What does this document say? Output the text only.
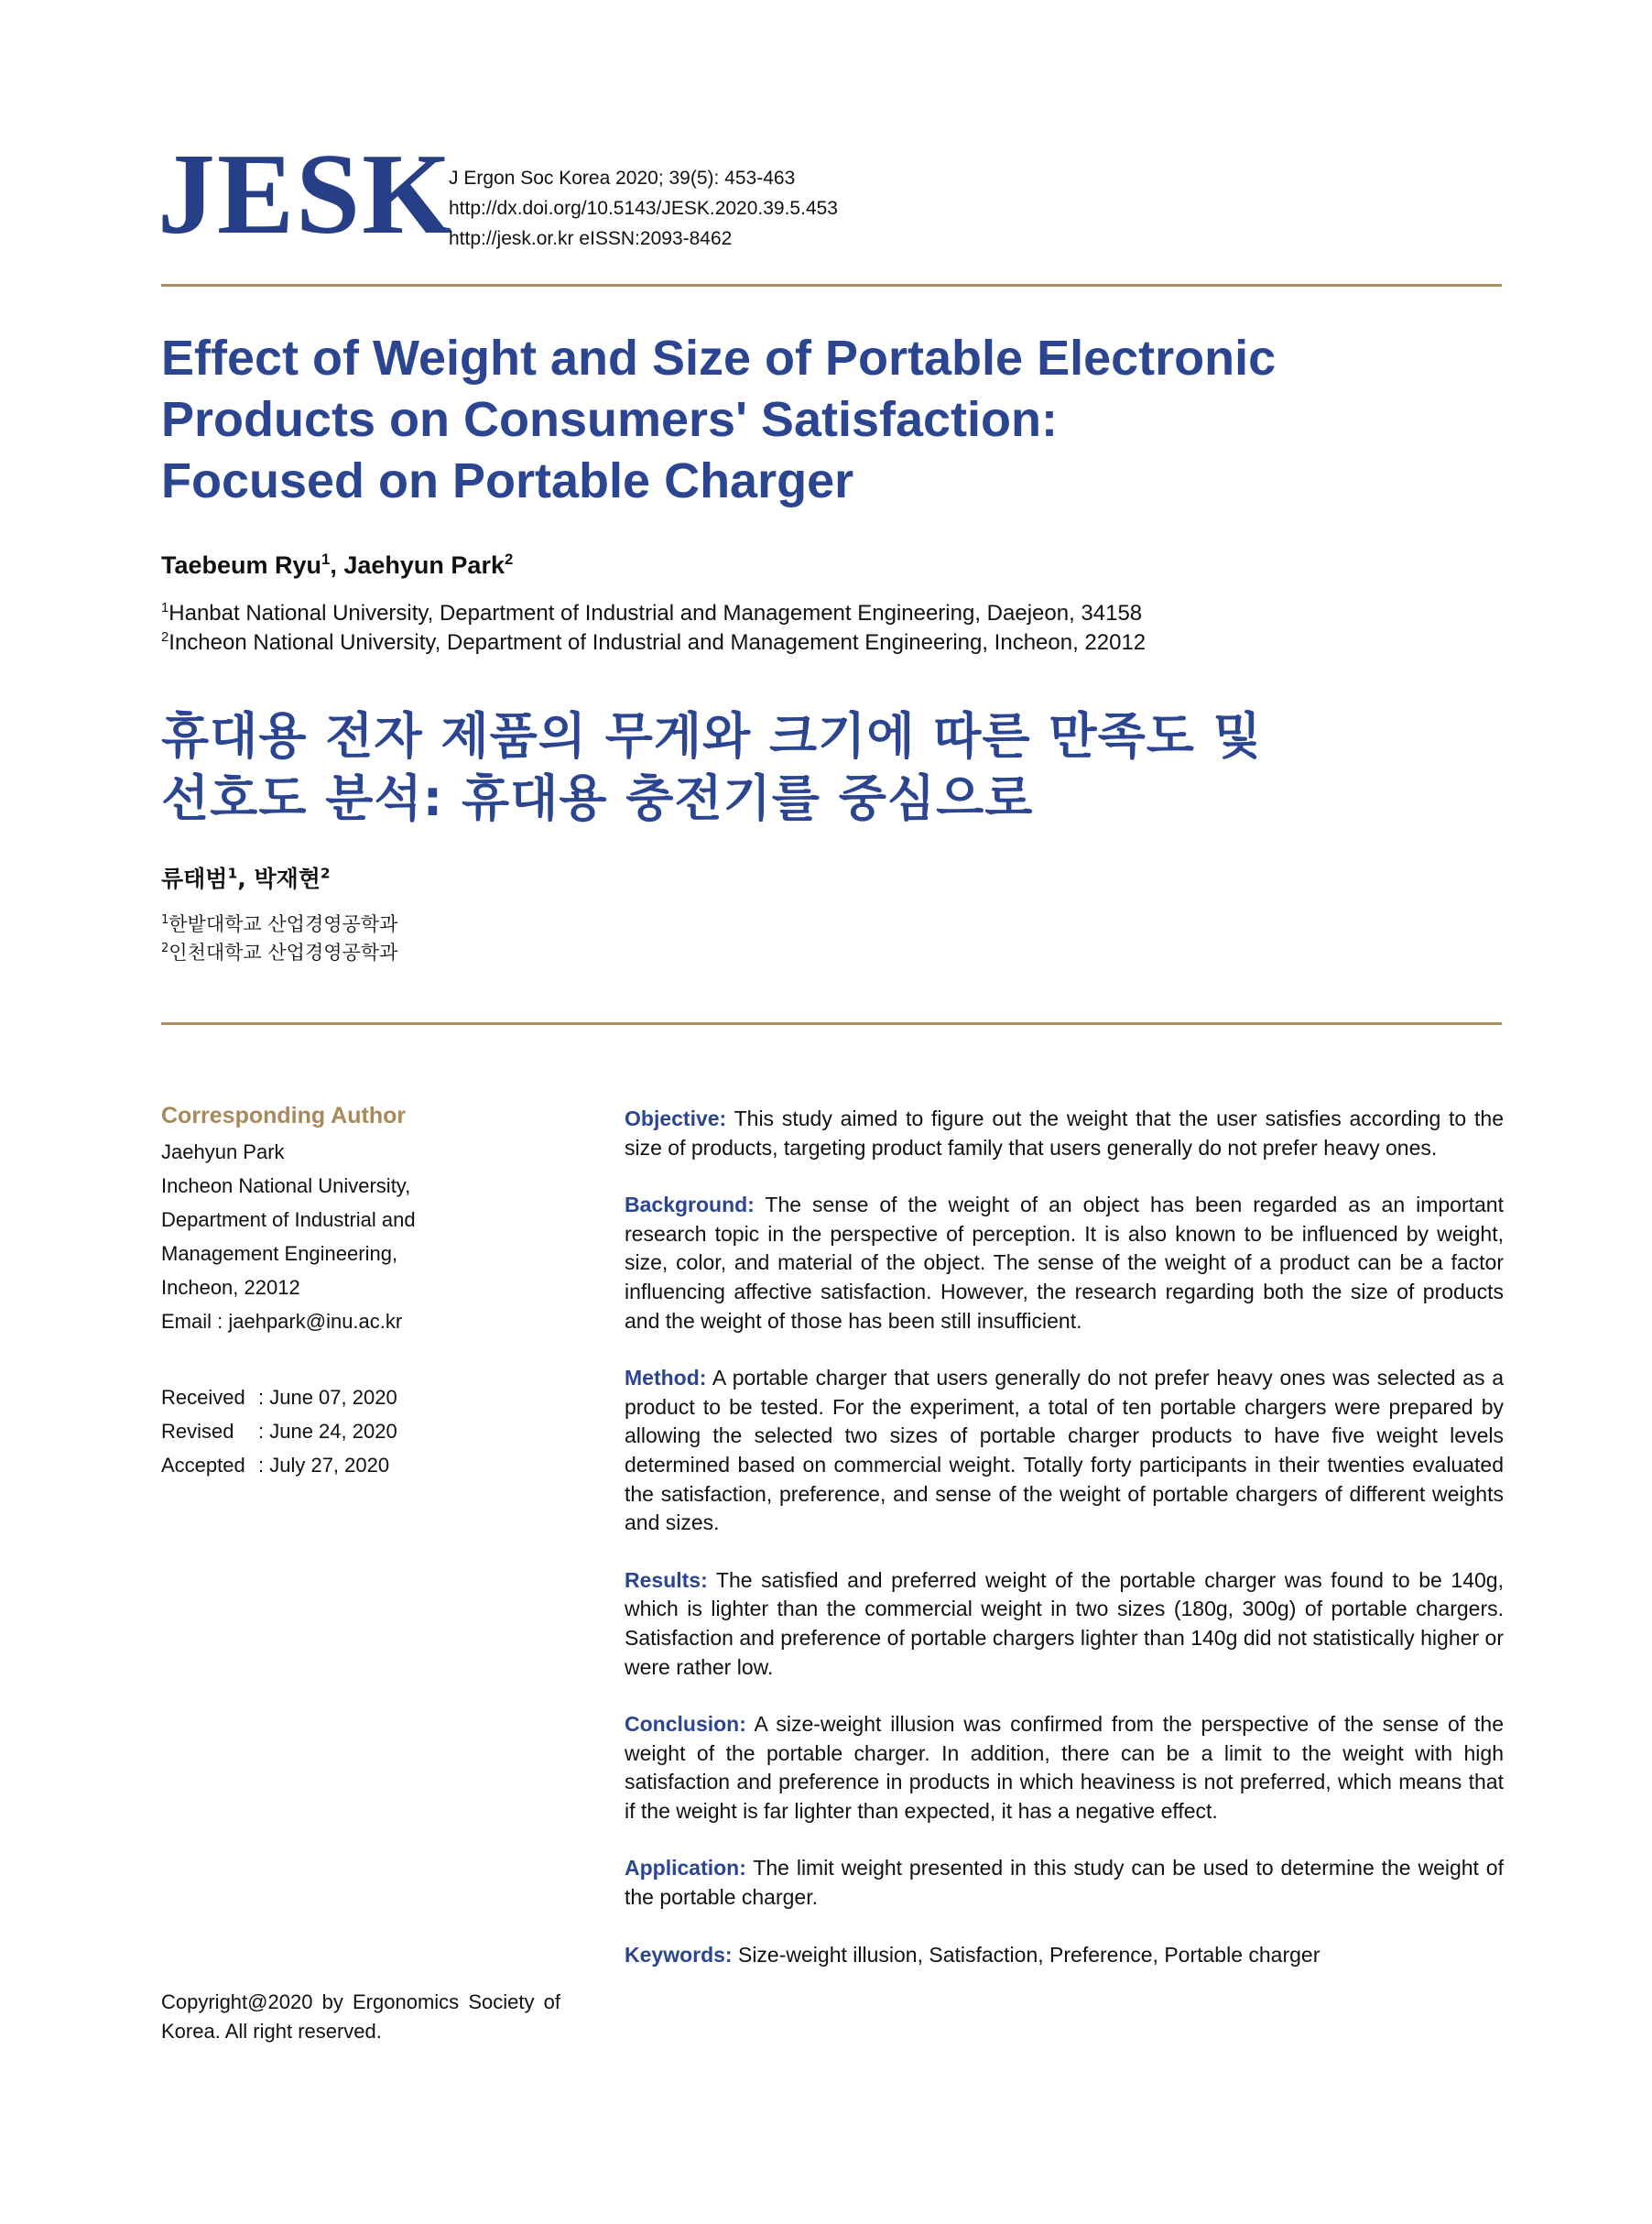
JESK
J Ergon Soc Korea 2020; 39(5): 453-463
http://dx.doi.org/10.5143/JESK.2020.39.5.453
http://jesk.or.kr eISSN:2093-8462
Effect of Weight and Size of Portable Electronic
Products on Consumers' Satisfaction:
Focused on Portable Charger
Taebeum Ryu$^1$, Jaehyun Park$^2$
$^1$Hanbat National University, Department of Industrial and Management Engineering, Daejeon, 34158
$^2$Incheon National University, Department of Industrial and Management Engineering, Incheon, 22012
휴대용 전자 제품의 무게와 크기에 따른 만족도 및
선호도 분석: 휴대용 충전기를 중심으로
류태범$^1$, 박재현$^2$
$^1$한밭대학교 산업경영공학과
$^2$인천대학교 산업경영공학과
Corresponding Author
Jaehyun Park
Incheon National University,
Department of Industrial and
Management Engineering,
Incheon, 22012
Email : jaehpark@inu.ac.kr
Received : June 07, 2020
Revised : June 24, 2020
Accepted : July 27, 2020
Copyright@2020 by Ergonomics Society of Korea. All right reserved.

Objective: This study aimed to figure out the weight that the user satisfies according to the size of products, targeting product family that users generally do not prefer heavy ones.

Background: The sense of the weight of an object has been regarded as an important research topic in the perspective of perception. It is also known to be influenced by weight, size, color, and material of the object. The sense of the weight of a product can be a factor influencing affective satisfaction. However, the research regarding both the size of products and the weight of those has been still insufficient.

Method: A portable charger that users generally do not prefer heavy ones was selected as a product to be tested. For the experiment, a total of ten portable chargers were prepared by allowing the selected two sizes of portable charger products to have five weight levels determined based on commercial weight. Totally forty participants in their twenties evaluated the satisfaction, preference, and sense of the weight of portable chargers of different weights and sizes.

Results: The satisfied and preferred weight of the portable charger was found to be 140g, which is lighter than the commercial weight in two sizes (180g, 300g) of portable chargers. Satisfaction and preference of portable chargers lighter than 140g did not statistically higher or were rather low.

Conclusion: A size-weight illusion was confirmed from the perspective of the sense of the weight of the portable charger. In addition, there can be a limit to the weight with high satisfaction and preference in products in which heaviness is not preferred, which means that if the weight is far lighter than expected, it has a negative effect.

Application: The limit weight presented in this study can be used to determine the weight of the portable charger.

Keywords: Size-weight illusion, Satisfaction, Preference, Portable charger
